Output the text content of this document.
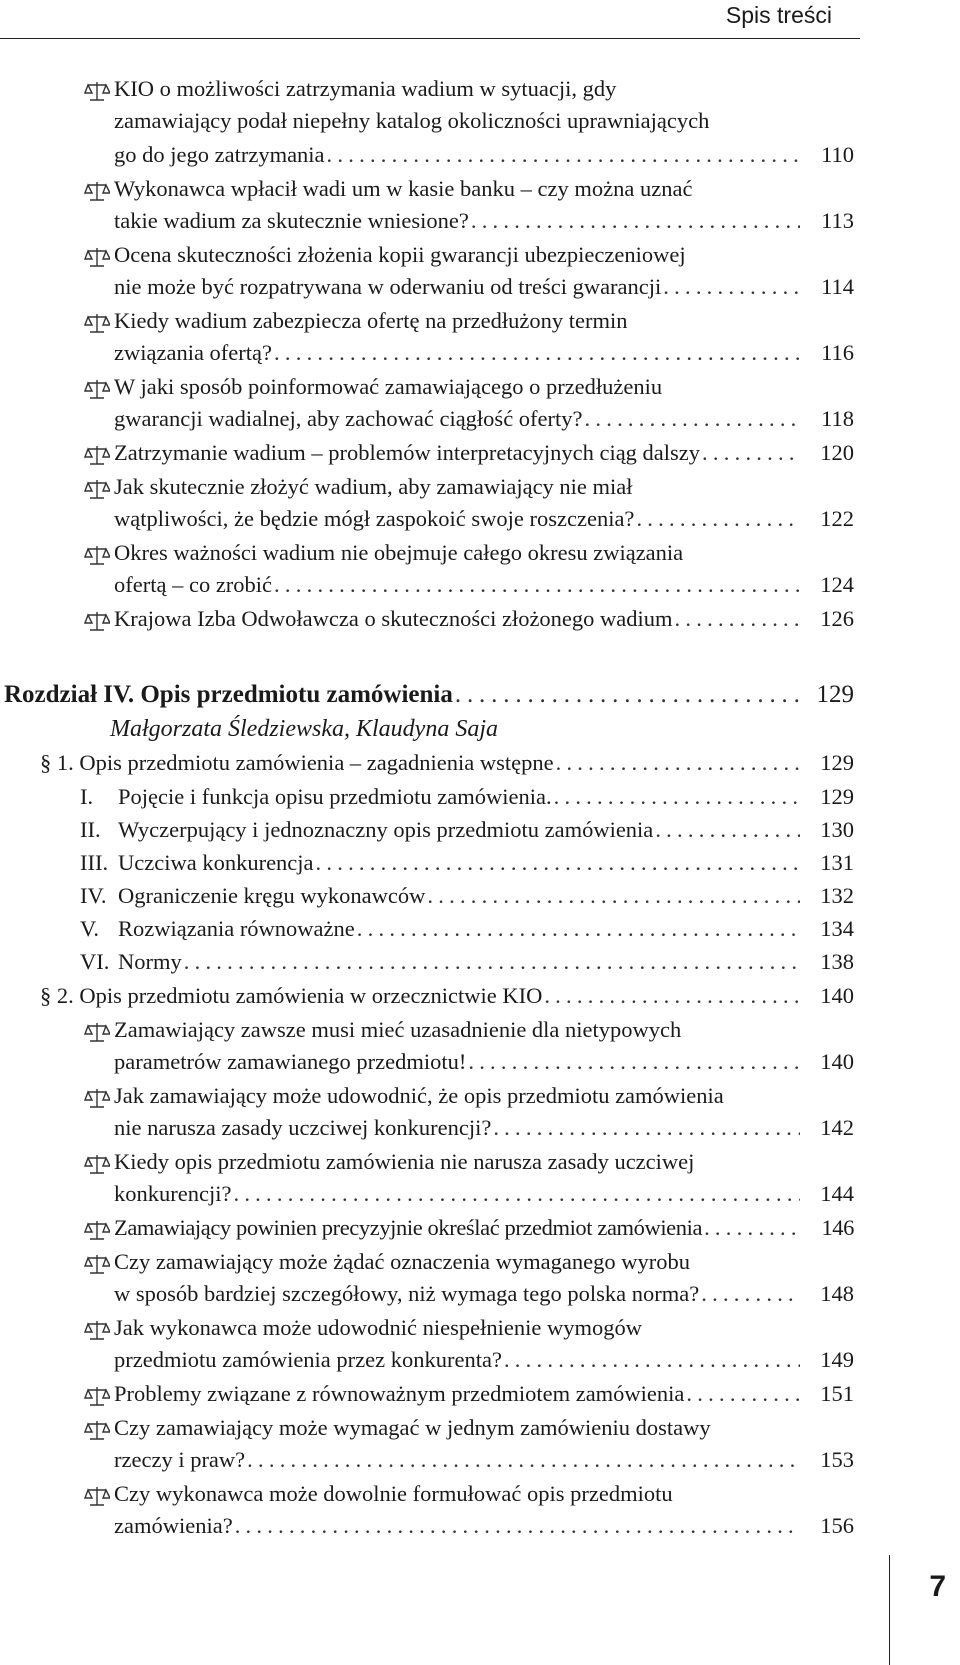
Spis treści
KIO o możliwości zatrzymania wadium w sytuacji, gdy
zamawiający podał niepełny katalog okoliczności uprawniających
go do jego zatrzymania . . .	110
Wykonawca wpłacił wadi um w kasie banku – czy można uznać
takie wadium za skutecznie wniesione? . . .	113
Ocena skuteczności złożenia kopii gwarancji ubezpieczeniowej
nie może być rozpatrywana w oderwaniu od treści gwarancji . . .	114
Kiedy wadium zabezpiecza ofertę na przedłużony termin
związania ofertą? . . .	116
W jaki sposób poinformować zamawiającego o przedłużeniu
gwarancji wadialnej, aby zachować ciągłość oferty? . . .	118
Zatrzymanie wadium – problemów interpretacyjnych ciąg dalszy . . .	120
Jak skutecznie złożyć wadium, aby zamawiający nie miał
wątpliwości, że będzie mógł zaspokoić swoje roszczenia? . . .	122
Okres ważności wadium nie obejmuje całego okresu związania
ofertą – co zrobić . . .	124
Krajowa Izba Odwoławcza o skuteczności złożonego wadium . . .	126
Rozdział IV. Opis przedmiotu zamówienia . . .	129
Małgorzata Śledziewska, Klaudyna Saja
§ 1. Opis przedmiotu zamówienia – zagadnienia wstępne . . .	129
I.	Pojęcie i funkcja opisu przedmiotu zamówienia. . . .	129
II. Wyczerpujący i jednoznaczny opis przedmiotu zamówienia . . .	130
III. Uczciwa konkurencja . . .	131
IV. Ograniczenie kręgu wykonawców . . .	132
V. Rozwiązania równoważne . . .	134
VI. Normy . . .	138
§ 2. Opis przedmiotu zamówienia w orzecznictwie KIO . . .	140
Zamawiający zawsze musi mieć uzasadnienie dla nietypowych
parametrów zamawianego przedmiotu! . . .	140
Jak zamawiający może udowodnić, że opis przedmiotu zamówienia
nie narusza zasady uczciwej konkurencji? . . .	142
Kiedy opis przedmiotu zamówienia nie narusza zasady uczciwej
konkurencji? . . .	144
Zamawiający powinien precyzyjnie określać przedmiot zamówienia . . .	146
Czy zamawiający może żądać oznaczenia wymaganego wyrobu
w sposób bardziej szczegółowy, niż wymaga tego polska norma? . . .	148
Jak wykonawca może udowodnić niespełnienie wymogów
przedmiotu zamówienia przez konkurenta? . . .	149
Problemy związane z równoważnym przedmiotem zamówienia . . .	151
Czy zamawiający może wymagać w jednym zamówieniu dostawy
rzeczy i praw? . . .	153
Czy wykonawca może dowolnie formułować opis przedmiotu
zamówienia? . . .	156
7
